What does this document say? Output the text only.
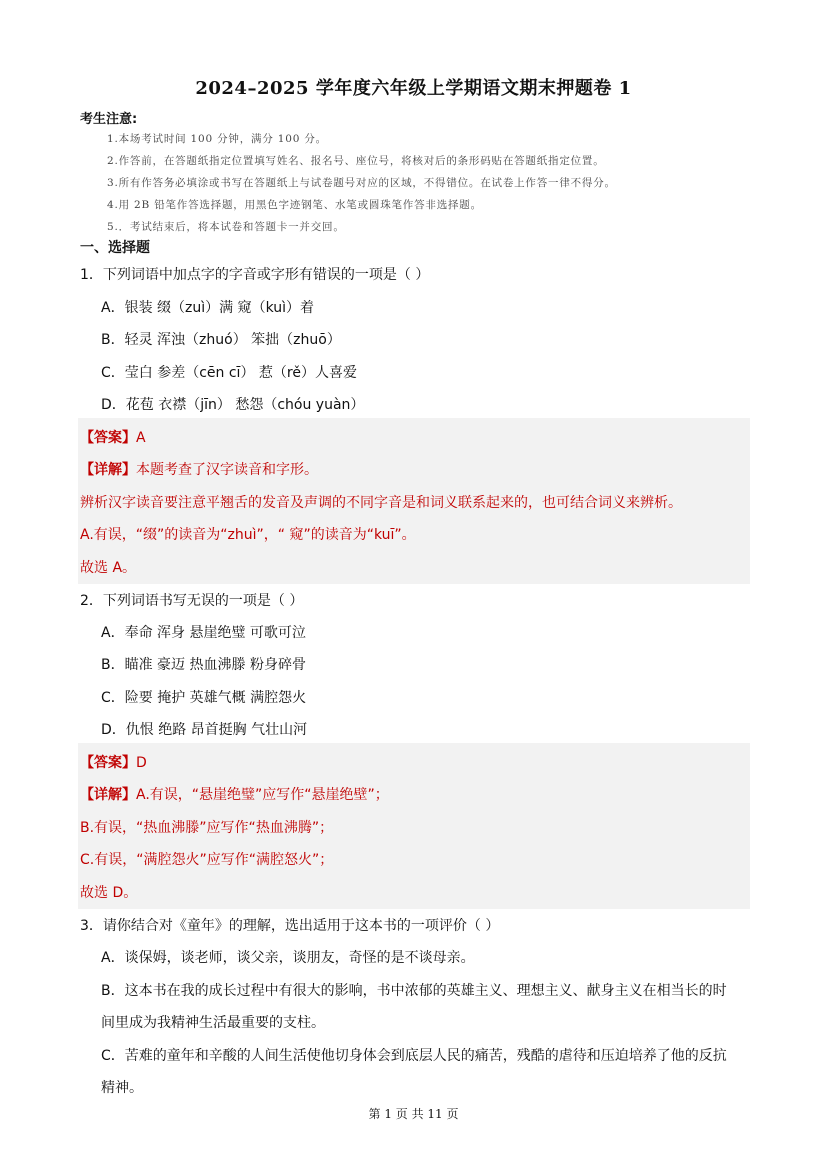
2024–2025 学年度六年级上学期语文期末押题卷 1
考生注意:
1.本场考试时间 100 分钟，满分 100 分。
2.作答前，在答题纸指定位置填写姓名、报名号、座位号，将核对后的条形码贴在答题纸指定位置。
3.所有作答务必填涂或书写在答题纸上与试卷题号对应的区域，不得错位。在试卷上作答一律不得分。
4.用 2B 铅笔作答选择题，用黑色字迹钢笔、水笔或圆珠笔作答非选择题。
5.．考试结束后，将本试卷和答题卡一并交回。
一、选择题
1．下列词语中加点字的字音或字形有错误的一项是（ ）
A．银装 缀（zuì）满 窥（kuì）着
B．轻灵 浑浊（zhuó） 笨拙（zhuō）
C．莹白 参差（cēn cī） 惹（rě）人喜爱
D．花苞 衣襟（jīn） 愁怨（chóu yuàn）
【答案】A
【详解】本题考查了汉字读音和字形。
辨析汉字读音要注意平翘舌的发音及声调的不同字音是和词义联系起来的，也可结合词义来辨析。
A.有误，“缀”的读音为“zhuì”，“ 窥”的读音为“kuī”。
故选 A。
2．下列词语书写无误的一项是（ ）
A．奉命 浑身 悬崖绝璧 可歌可泣
B．瞄准 豪迈 热血沸滕 粉身碎骨
C．险要 掩护 英雄气概 满腔怨火
D．仇恨 绝路 昂首挺胸 气壮山河
【答案】D
【详解】A.有误，“悬崖绝璧”应写作“悬崖绝壁”；
B.有误，“热血沸滕”应写作“热血沸腾”；
C.有误，“满腔怨火”应写作“满腔怒火”；
故选 D。
3．请你结合对《童年》的理解，选出适用于这本书的一项评价（ ）
A．谈保姆，谈老师，谈父亲，谈朋友，奇怪的是不谈母亲。
B．这本书在我的成长过程中有很大的影响，书中浓郁的英雄主义、理想主义、献身主义在相当长的时
间里成为我精神生活最重要的支柱。
C．苦难的童年和辛酸的人间生活使他切身体会到底层人民的痛苦，残酷的虐待和压迫培养了他的反抗
精神。
第 1 页 共 11 页
